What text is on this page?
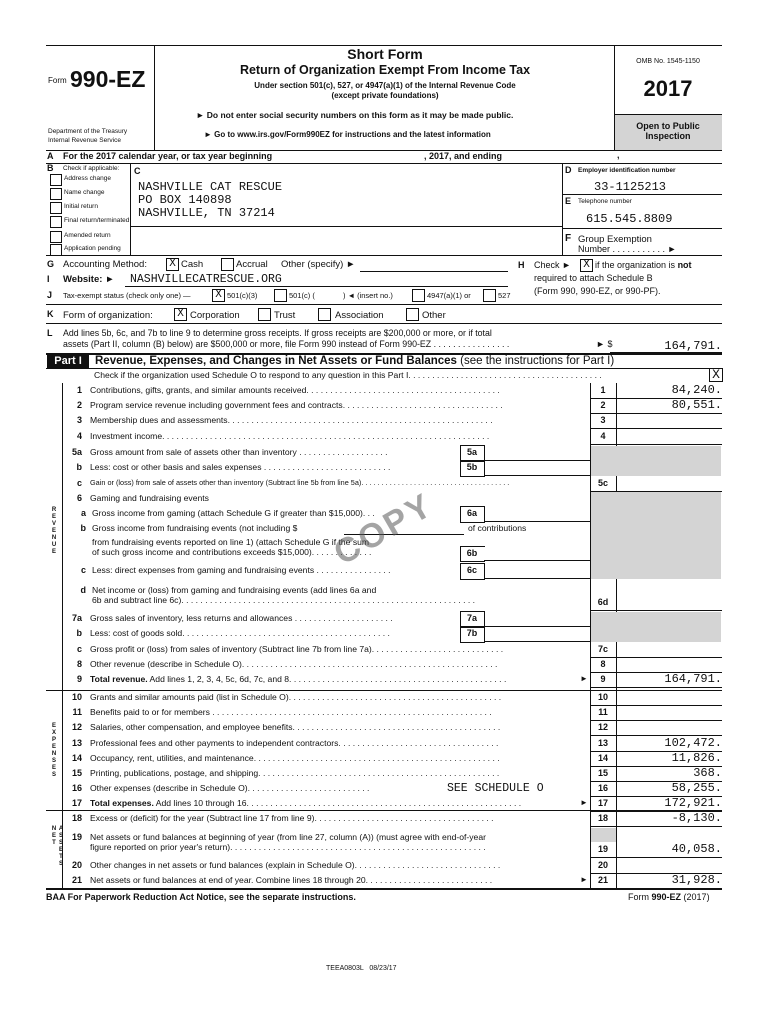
Form 990-EZ
Department of the Treasury
Internal Revenue Service
Short Form
Return of Organization Exempt From Income Tax
Under section 501(c), 527, or 4947(a)(1) of the Internal Revenue Code
(except private foundations)
► Do not enter social security numbers on this form as it may be made public.
► Go to www.irs.gov/Form990EZ for instructions and the latest information
OMB No. 1545-1150
2017
Open to Public
Inspection
A For the 2017 calendar year, or tax year beginning	, 2017, and ending	,
B Check if applicable:
Address change
Name change
Initial return
Final return/terminated
Amended return
Application pending
C
NASHVILLE CAT RESCUE
PO BOX 140898
NASHVILLE, TN 37214
D Employer identification number
33-1125213
E Telephone number
615.545.8809
F Group Exemption
Number . . . . . . . . . . . ►
G Accounting Method: X Cash	Accrual Other (specify) ►	H Check ► X if the organization is not
required to attach Schedule B
(Form 990, 990-EZ, or 990-PF).
I Website: ► NASHVILLECATRESCUE.ORG
J Tax-exempt status (check only one) — X 501(c)(3)	501(c) (	) ◄ (insert no.)	4947(a)(1) or	527
K Form of organization: X Corporation	Trust	Association	Other
L Add lines 5b, 6c, and 7b to line 9 to determine gross receipts. If gross receipts are $200,000 or more, or if total
assets (Part II, column (B) below) are $500,000 or more, file Form 990 instead of Form 990-EZ . . . . . . . . . . . . . . . .	► $	164,791.
Part I	Revenue, Expenses, and Changes in Net Assets or Fund Balances (see the instructions for Part I)
Check if the organization used Schedule O to respond to any question in this Part I. . . . . . . . . . . . . . . . . . . . . . . . . . . . . . . . . . . . . . . . .	X
R
E
V
E
N
U
E
E
X
P
E
N
S
E
S
N
E
T
A
S
S
E
T
S
1 Contributions, gifts, grants, and similar amounts received. . . . . . . . . . . . . . . . . . . . . . . . . . . . . . . . . . . . . . . . .	1	84,240.
2 Program service revenue including government fees and contracts. . . . . . . . . . . . . . . . . . . . . . . . . . . . . . . . . .	2	80,551.
3 Membership dues and assessments. . . . . . . . . . . . . . . . . . . . . . . . . . . . . . . . . . . . . . . . . . . . . . . . . . . . . . . .	3
4 Investment income. . . . . . . . . . . . . . . . . . . . . . . . . . . . . . . . . . . . . . . . . . . . . . . . . . . . . . . . . . . . . . . . . . . . .	4
5a Gross amount from sale of assets other than inventory . . . . . . . . . . . . . . . . . . .	5a
b Less: cost or other basis and sales expenses . . . . . . . . . . . . . . . . . . . . . . . . . . .	5b
c Gain or (loss) from sale of assets other than inventory (Subtract line 5b from line 5a). . . . . . . . . . . . . . . . . . . . . . . . . . . . . . . . . . . . .	5c
6 Gaming and fundraising events
a Gross income from gaming (attach Schedule G if greater than $15,000). . .	6a
b Gross income from fundraising events (not including $	of contributions
from fundraising events reported on line 1) (attach Schedule G if the sum
of such gross income and contributions exceeds $15,000). . . . . . . . . . . . .	6b
c Less: direct expenses from gaming and fundraising events . . . . . . . . . . . . . . . .	6c
d Net income or (loss) from gaming and fundraising events (add lines 6a and
6b and subtract line 6c). . . . . . . . . . . . . . . . . . . . . . . . . . . . . . . . . . . . . . . . . . . . . . . . . . . . . . . . . . . . . .	6d
7a Gross sales of inventory, less returns and allowances . . . . . . . . . . . . . . . . . . . . .	7a
b Less: cost of goods sold. . . . . . . . . . . . . . . . . . . . . . . . . . . . . . . . . . . . . . . . . . . .	7b
c Gross profit or (loss) from sales of inventory (Subtract line 7b from line 7a). . . . . . . . . . . . . . . . . . . . . . . . . . . .	7c
8 Other revenue (describe in Schedule O). . . . . . . . . . . . . . . . . . . . . . . . . . . . . . . . . . . . . . . . . . . . . . . . . . . . . .	8
9 Total revenue. Add lines 1, 2, 3, 4, 5c, 6d, 7c, and 8. . . . . . . . . . . . . . . . . . . . . . . . . . . . . . . . . . . . . . . . . . . . . .	9	164,791.
►
10 Grants and similar amounts paid (list in Schedule O). . . . . . . . . . . . . . . . . . . . . . . . . . . . . . . . . . . . . . . . . . . . .	10
11 Benefits paid to or for members . . . . . . . . . . . . . . . . . . . . . . . . . . . . . . . . . . . . . . . . . . . . . . . . . . . . . . . . . . .	11
12 Salaries, other compensation, and employee benefits. . . . . . . . . . . . . . . . . . . . . . . . . . . . . . . . . . . . . . . . . . . .	12
13 Professional fees and other payments to independent contractors. . . . . . . . . . . . . . . . . . . . . . . . . . . . . . . . . .	13	102,472.
14 Occupancy, rent, utilities, and maintenance. . . . . . . . . . . . . . . . . . . . . . . . . . . . . . . . . . . . . . . . . . . . . . . . . . . .	14	11,826.
15 Printing, publications, postage, and shipping. . . . . . . . . . . . . . . . . . . . . . . . . . . . . . . . . . . . . . . . . . . . . . . . . . .	15	368.
16 Other expenses (describe in Schedule O). . . . . . . . . . . . . . . . . . . . . . . . . .	SEE SCHEDULE O	16	58,255.
17 Total expenses. Add lines 10 through 16. . . . . . . . . . . . . . . . . . . . . . . . . . . . . . . . . . . . . . . . . . . . . . . . . . . . . . . . . .	17	172,921.
►
18 Excess or (deficit) for the year (Subtract line 17 from line 9). . . . . . . . . . . . . . . . . . . . . . . . . . . . . . . . . . . . . .	18	-8,130.
19 Net assets or fund balances at beginning of year (from line 27, column (A)) (must agree with end-of-year
figure reported on prior year's return). . . . . . . . . . . . . . . . . . . . . . . . . . . . . . . . . . . . . . . . . . . . . . . . . . . . . .	19	40,058.
20 Other changes in net assets or fund balances (explain in Schedule O). . . . . . . . . . . . . . . . . . . . . . . . . . . . . . .	20
21 Net assets or fund balances at end of year. Combine lines 18 through 20. . . . . . . . . . . . . . . . . . . . . . . . . . .	21	31,928.
►
COPY
BAA For Paperwork Reduction Act Notice, see the separate instructions.	Form 990-EZ (2017)
TEEA0803L   08/23/17
